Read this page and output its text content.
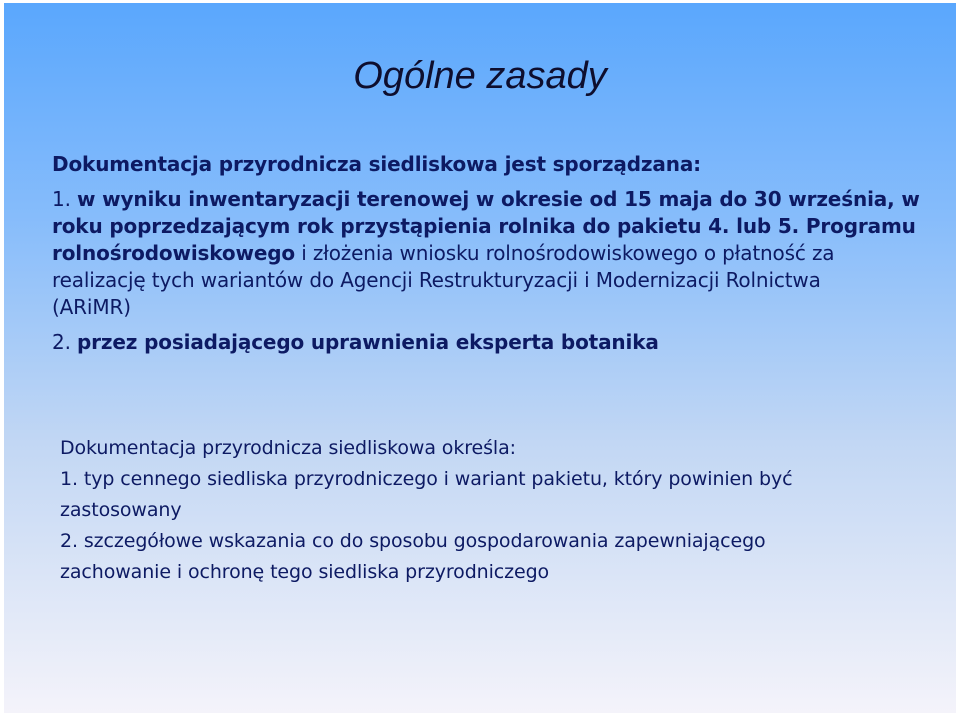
Ogólne zasady
Dokumentacja przyrodnicza siedliskowa jest sporządzana:
1. w wyniku inwentaryzacji terenowej w okresie od 15 maja do 30 września, w
roku poprzedzającym rok przystąpienia rolnika do pakietu 4. lub 5. Programu
rolnośrodowiskowego i złożenia wniosku rolnośrodowiskowego o płatność za
realizację tych wariantów do Agencji Restrukturyzacji i Modernizacji Rolnictwa
(ARiMR)
2. przez posiadającego uprawnienia eksperta botanika
Dokumentacja przyrodnicza siedliskowa określa:
1. typ cennego siedliska przyrodniczego i wariant pakietu, który powinien być
zastosowany
2. szczegółowe wskazania co do sposobu gospodarowania zapewniającego
zachowanie i ochronę tego siedliska przyrodniczego
